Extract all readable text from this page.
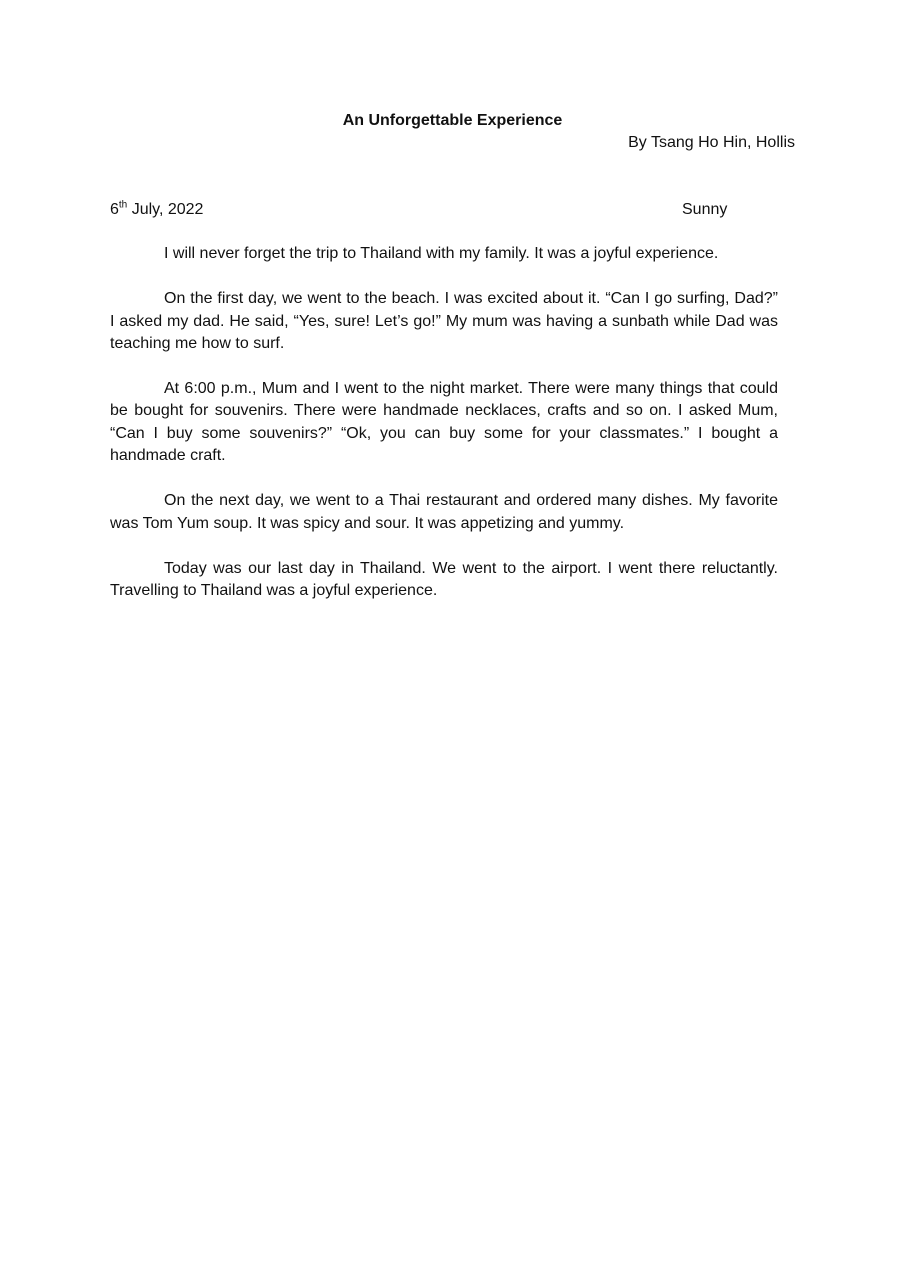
An Unforgettable Experience
By Tsang Ho Hin, Hollis
6th July, 2022	Sunny

I will never forget the trip to Thailand with my family. It was a joyful experience.

On the first day, we went to the beach. I was excited about it. “Can I go surfing, Dad?” I asked my dad. He said, “Yes, sure! Let’s go!” My mum was having a sunbath while Dad was teaching me how to surf.

At 6:00 p.m., Mum and I went to the night market. There were many things that could be bought for souvenirs. There were handmade necklaces, crafts and so on. I asked Mum, “Can I buy some souvenirs?” “Ok, you can buy some for your classmates.” I bought a handmade craft.

On the next day, we went to a Thai restaurant and ordered many dishes. My favorite was Tom Yum soup. It was spicy and sour. It was appetizing and yummy.

Today was our last day in Thailand. We went to the airport. I went there reluctantly. Travelling to Thailand was a joyful experience.
